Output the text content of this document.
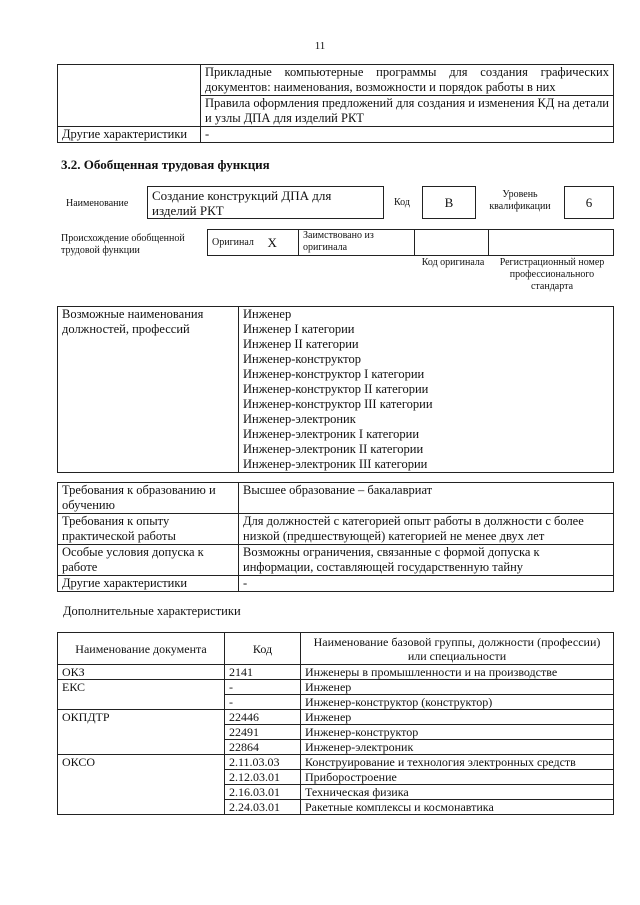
11
	Прикладные компьютерные программы для создания графических документов: наименования, возможности и порядок работы в них
	Правила оформления предложений для создания и изменения КД на детали и узлы ДПА для изделий РКТ
Другие характеристики	-
3.2. Обобщенная трудовая функция
Наименование
Создание конструкций ДПА для изделий РКТ
Код	В
Уровень квалификации	6
Происхождение обобщенной трудовой функции
Оригинал	Х	Заимствовано из оригинала		
Код оригинала	Регистрационный номер профессионального стандарта
Возможные наименования должностей, профессий	
Инженер
Инженер I категории
Инженер II категории
Инженер-конструктор
Инженер-конструктор I категории
Инженер-конструктор II категории
Инженер-конструктор III категории
Инженер-электроник
Инженер-электроник I категории
Инженер-электроник II категории
Инженер-электроник III категории
Требования к образованию и обучению	Высшее образование – бакалавриат
Требования к опыту практической работы	Для должностей с категорией опыт работы в должности с более низкой (предшествующей) категорией не менее двух лет
Особые условия допуска к работе	Возможны ограничения, связанные с формой допуска к информации, составляющей государственную тайну
Другие характеристики	-
Дополнительные характеристики
Наименование документа	Код	Наименование базовой группы, должности (профессии) или специальности
ОКЗ	2141	Инженеры в промышленности и на производстве
ЕКС	-	Инженер
	-	Инженер-конструктор (конструктор)
ОКПДТР	22446	Инженер
	22491	Инженер-конструктор
	22864	Инженер-электроник
ОКСО	2.11.03.03	Конструирование и технология электронных средств
	2.12.03.01	Приборостроение
	2.16.03.01	Техническая физика
	2.24.03.01	Ракетные комплексы и космонавтика
